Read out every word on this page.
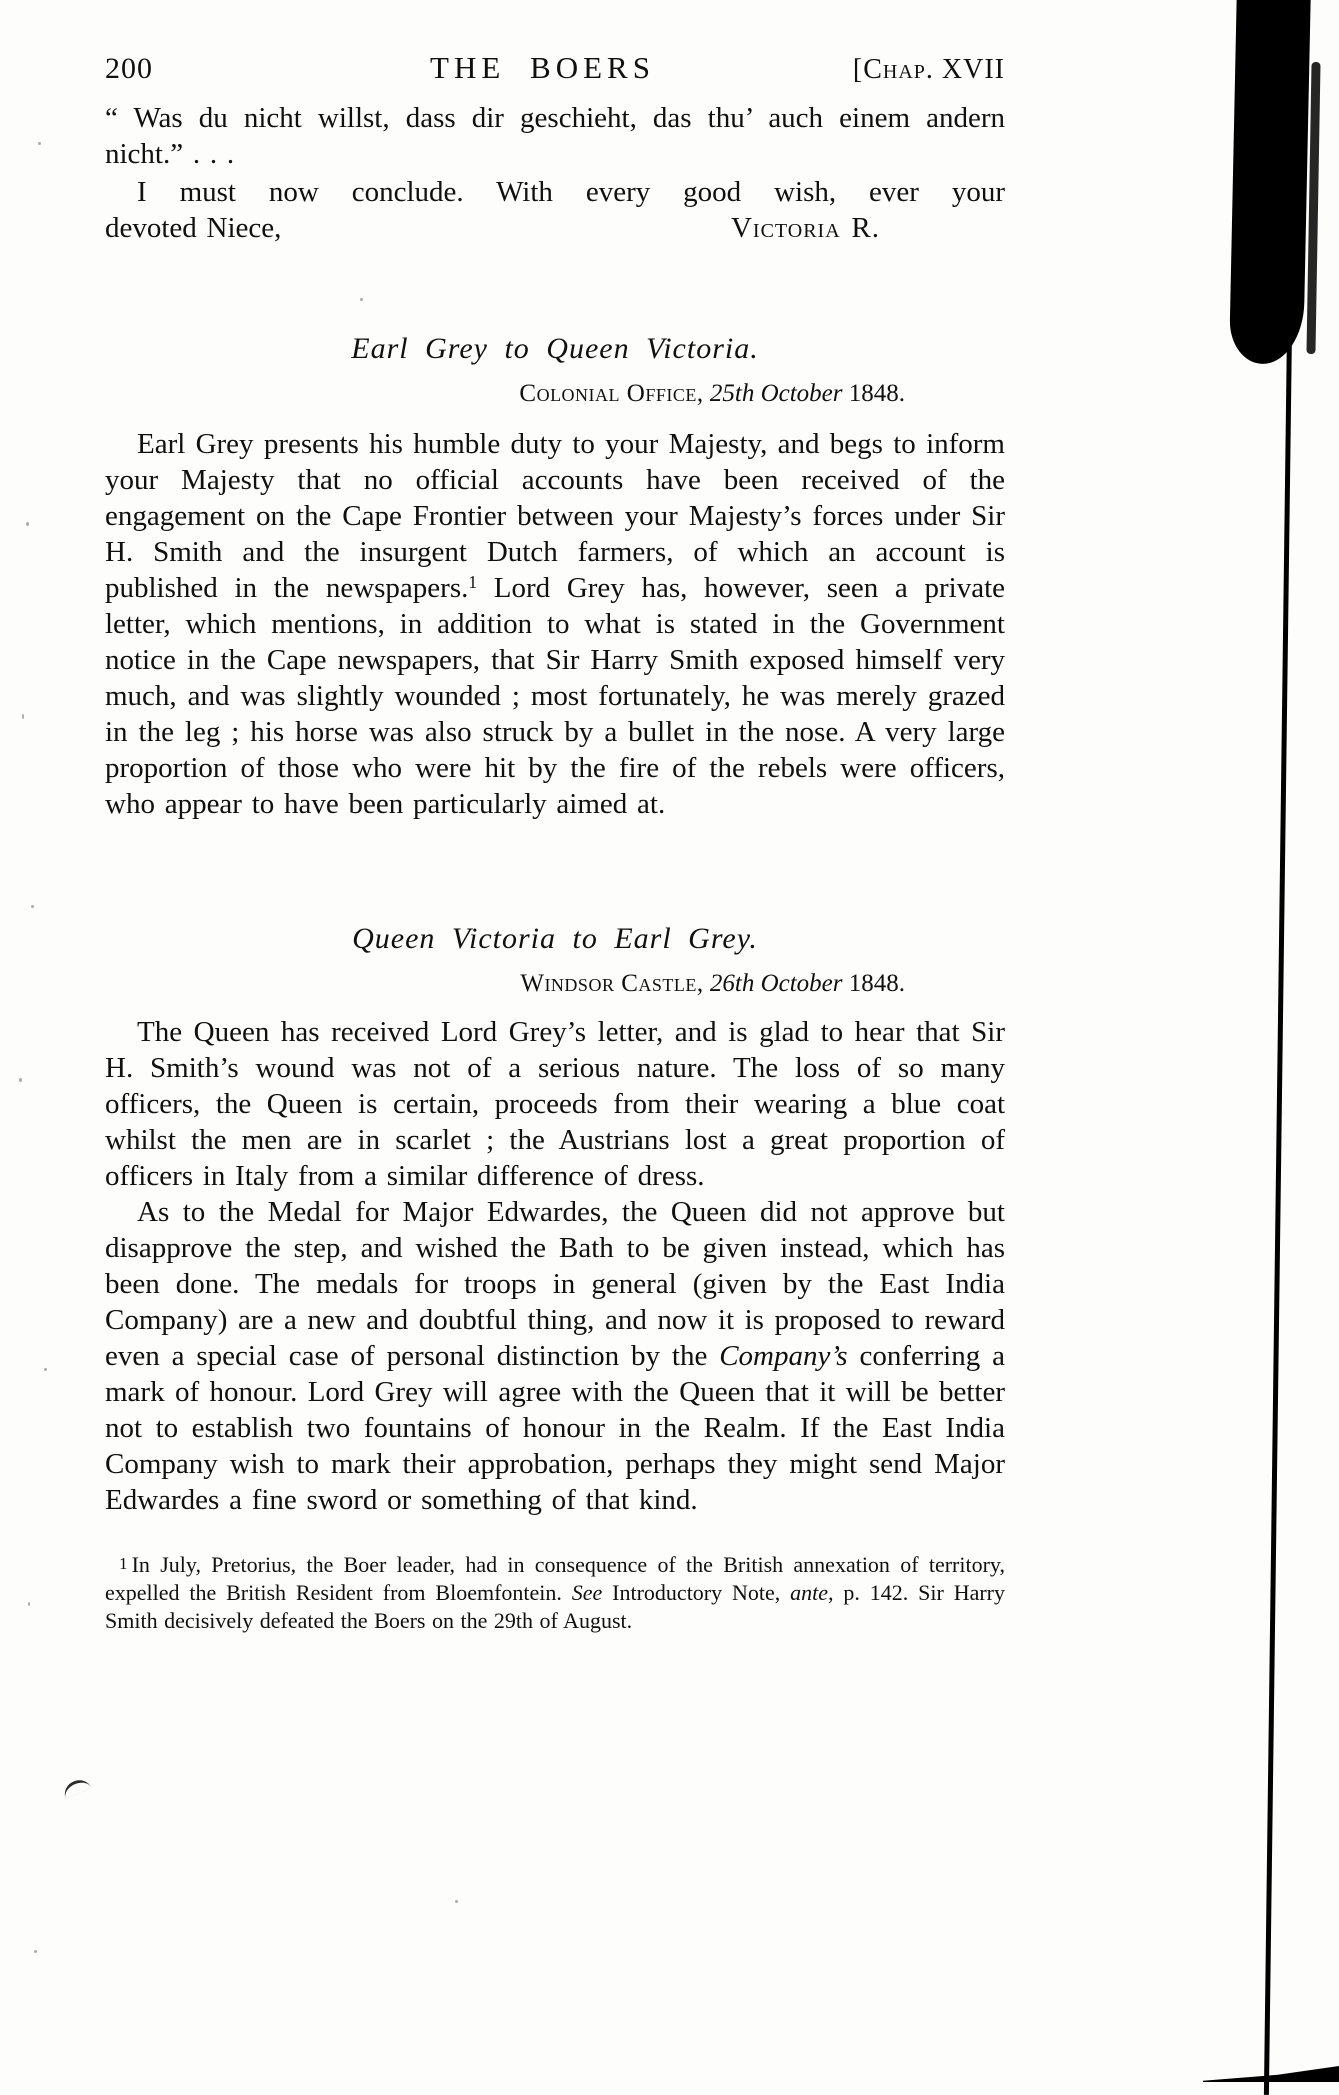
200	THE BOERS	[Chap. XVII

“ Was du nicht willst, dass dir geschieht, das thu’ auch einem andern nicht.” . . .

I must now conclude. With every good wish, ever your
devoted Niece,	Victoria R.
Earl Grey to Queen Victoria.
Colonial Office, 25th October 1848.

Earl Grey presents his humble duty to your Majesty, and begs to inform your Majesty that no official accounts have been received of the engagement on the Cape Frontier between your Majesty’s forces under Sir H. Smith and the insurgent Dutch farmers, of which an account is published in the newspapers.$^1$ Lord Grey has, however, seen a private letter, which mentions, in addition to what is stated in the Government notice in the Cape newspapers, that Sir Harry Smith exposed himself very much, and was slightly wounded ; most fortunately, he was merely grazed in the leg ; his horse was also struck by a bullet in the nose. A very large proportion of those who were hit by the fire of the rebels were officers, who appear to have been particularly aimed at.

Queen Victoria to Earl Grey.
Windsor Castle, 26th October 1848.

The Queen has received Lord Grey’s letter, and is glad to hear that Sir H. Smith’s wound was not of a serious nature. The loss of so many officers, the Queen is certain, proceeds from their wearing a blue coat whilst the men are in scarlet ; the Austrians lost a great proportion of officers in Italy from a similar difference of dress.

As to the Medal for Major Edwardes, the Queen did not approve but disapprove the step, and wished the Bath to be given instead, which has been done. The medals for troops in general (given by the East India Company) are a new and doubtful thing, and now it is proposed to reward even a special case of personal distinction by the Company’s conferring a mark of honour. Lord Grey will agree with the Queen that it will be better not to establish two fountains of honour in the Realm. If the East India Company wish to mark their approbation, perhaps they might send Major Edwardes a fine sword or something of that kind.

1 In July, Pretorius, the Boer leader, had in consequence of the British annexation of territory, expelled the British Resident from Bloemfontein. See Introductory Note, ante, p. 142. Sir Harry Smith decisively defeated the Boers on the 29th of August.
